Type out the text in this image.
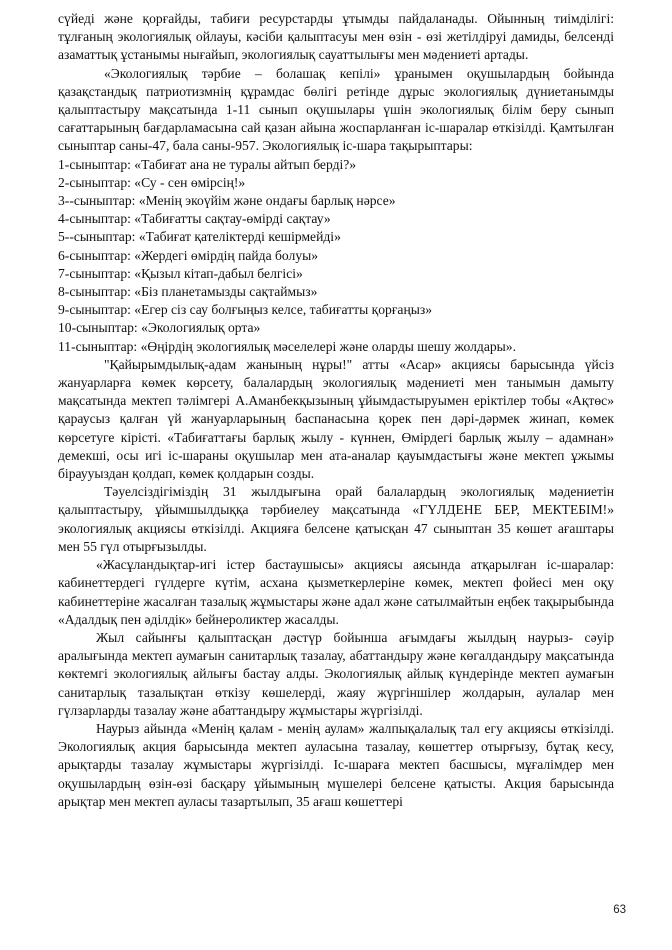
сүйеді және қорғайды, табиғи ресурстарды ұтымды пайдаланады. Ойынның тиімділігі: тұлғаның экологиялық ойлауы, кәсіби қалыптасуы мен өзін - өзі жетілдіруі дамиды, белсенді азаматтық ұстанымы нығайып, экологиялық сауаттылығы мен мәдениеті артады.

«Экологиялық тәрбие – болашақ кепілі» ұранымен оқушылардың бойында қазақстандық патриотизмнің құрамдас бөлігі ретінде дұрыс экологиялық дүниетанымды қалыптастыру мақсатында 1-11 сынып оқушылары үшін экологиялық білім беру сынып сағаттарының бағдарламасына сай қазан айына жоспарланған іс-шаралар өткізілді. Қамтылған сыныптар саны-47, бала саны-957. Экологиялық іс-шара тақырыптары:

1-сыныптар: «Табиғат ана не туралы айтып берді?»
2-сыныптар: «Су - сен өмірсің!»
3--сыныптар: «Менің экоүйім және ондағы барлық нәрсе»
4-сыныптар: «Табиғатты сақтау-өмірді сақтау»
5--сыныптар: «Табиғат қателіктерді кешірмейді»
6-сыныптар: «Жердегі өмірдің пайда болуы»
7-сыныптар: «Қызыл кітап-дабыл белгісі»
8-сыныптар: «Біз планетамызды сақтаймыз»
9-сыныптар: «Егер сіз сау болғыңыз келсе, табиғатты қорғаңыз»
10-сыныптар: «Экологиялық орта»
11-сыныптар: «Өңірдің экологиялық мәселелері және оларды шешу жолдары».

"Қайырымдылық-адам жанының нұры!" атты «Асар» акциясы барысында үйсіз жануарларға көмек көрсету, балалардың экологиялық мәдениеті мен танымын дамыту мақсатында мектеп тәлімгері А.Аманбекқызының ұйымдастыруымен еріктілер тобы «Ақтөс» қараусыз қалған үй жануарларының баспанасына қорек пен дәрі-дәрмек жинап, көмек көрсетуге кірісті. «Табиғаттағы барлық жылу - күннен, Өмірдегі барлық жылу – адамнан» демекші, осы игі іс-шараны оқушылар мен ата-аналар қауымдастығы және мектеп ұжымы біраууыздан қолдап, көмек қолдарын созды.

Тәуелсіздігіміздің 31 жылдығына орай балалардың экологиялық мәдениетін қалыптастыру, ұйымшылдыққа тәрбиелеу мақсатында «ГҮЛДЕНЕ БЕР, МЕКТЕБІМ!» экологиялық акциясы өткізілді. Акцияға белсене қатысқан 47 сыныптан 35 көшет ағаштары мен 55 гүл отырғызылды.

«Жасұландықтар-игі істер бастаушысы» акциясы аясында атқарылған іс-шаралар: кабинеттердегі гүлдерге күтім, асхана қызметкерлеріне көмек, мектеп фойесі мен оқу кабинеттеріне жасалған тазалық жұмыстары және адал және сатылмайтын еңбек тақырыбында «Адалдық пен әділдік» бейнероликтер жасалды.

Жыл сайынғы қалыптасқан дәстүр бойынша ағымдағы жылдың наурыз- сәуір аралығында мектеп аумағын санитарлық тазалау, абаттандыру және көгалдандыру мақсатында көктемгі экологиялық айлығы бастау алды. Экологиялық айлық күндерінде мектеп аумағын санитарлық тазалықтан өткізу көшелерді, жаяу жүргіншілер жолдарын, аулалар мен гүлзарларды тазалау және абаттандыру жұмыстары жүргізілді.

Наурыз айында «Менің қалам - менің аулам» жалпықалалық тал егу акциясы өткізілді. Экологиялық акция барысында мектеп ауласына тазалау, көшеттер отырғызу, бұтақ кесу, арықтарды тазалау жұмыстары жүргізілді. Іс-шараға мектеп басшысы, мұғалімдер мен оқушылардың өзін-өзі басқару ұйымының мүшелері белсене қатысты. Акция барысында арықтар мен мектеп ауласы тазартылып, 35 ағаш көшеттері

63
